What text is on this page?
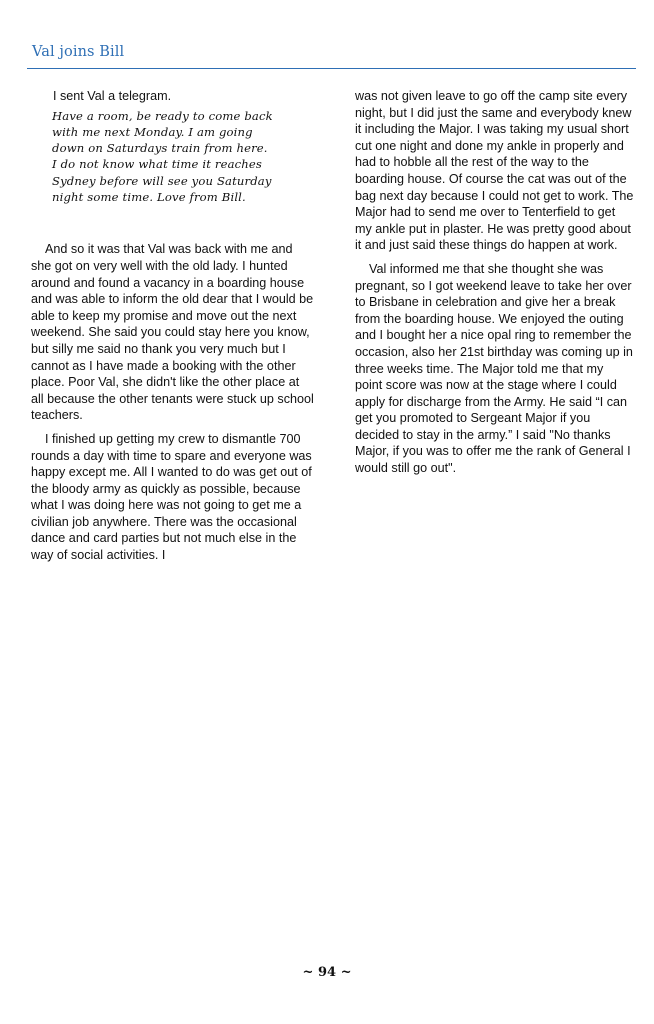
Val joins Bill

I sent Val a telegram.

Have a room, be ready to come back
with me next Monday. I am going
down on Saturdays train from here.
I do not know what time it reaches
Sydney before will see you Saturday
night some time. Love from Bill.

And so it was that Val was back with me and she got on very well with the old lady. I hunted around and found a vacancy in a boarding house and was able to inform the old dear that I would be able to keep my promise and move out the next weekend. She said you could stay here you know, but silly me said no thank you very much but I cannot as I have made a booking with the other place. Poor Val, she didn't like the other place at all because the other tenants were stuck up school teachers.

I finished up getting my crew to dismantle 700 rounds a day with time to spare and everyone was happy except me. All I wanted to do was get out of the bloody army as quickly as possible, because what I was doing here was not going to get me a civilian job anywhere. There was the occasional dance and card parties but not much else in the way of social activities. I

was not given leave to go off the camp site every night, but I did just the same and everybody knew it including the Major. I was taking my usual short cut one night and done my ankle in properly and had to hobble all the rest of the way to the boarding house. Of course the cat was out of the bag next day because I could not get to work. The Major had to send me over to Tenterfield to get my ankle put in plaster. He was pretty good about it and just said these things do happen at work.

Val informed me that she thought she was pregnant, so I got weekend leave to take her over to Brisbane in celebration and give her a break from the boarding house. We enjoyed the outing and I bought her a nice opal ring to remember the occasion, also her 21st birthday was coming up in three weeks time. The Major told me that my point score was now at the stage where I could apply for discharge from the Army. He said “I can get you promoted to Sergeant Major if you decided to stay in the army.” I said "No thanks Major, if you was to offer me the rank of General I would still go out".

~ 94 ~
